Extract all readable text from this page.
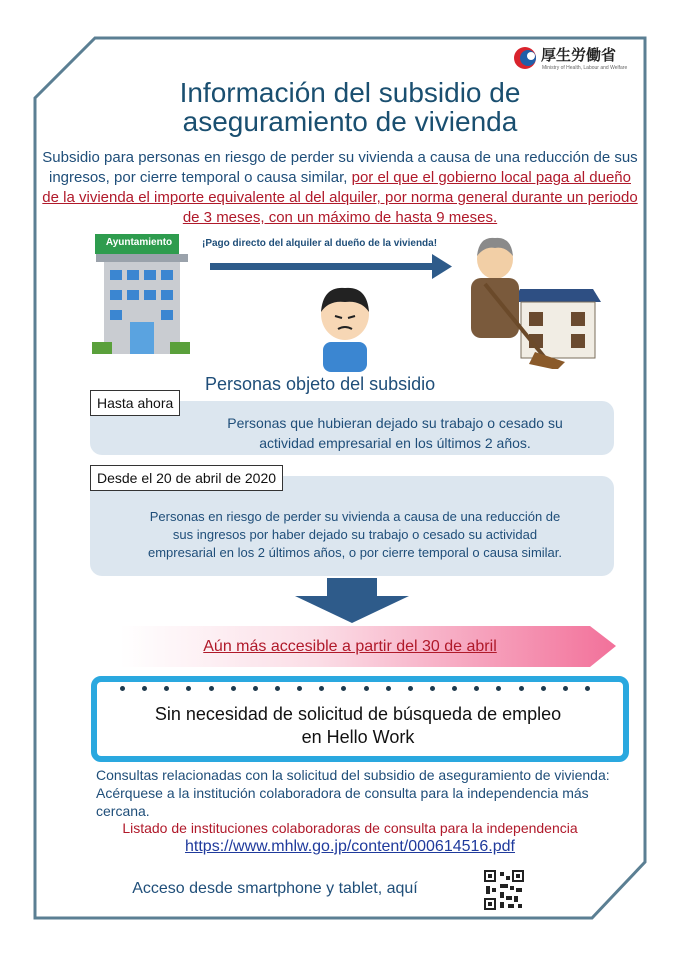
厚生労働省
Ministry of Health, Labour and Welfare
Información del subsidio de
aseguramiento de vivienda
Subsidio para personas en riesgo de perder su vivienda a causa de una reducción de sus ingresos, por cierre temporal o causa similar, por el que el gobierno local paga al dueño de la vivienda el importe equivalente al del alquiler, por norma general durante un periodo de 3 meses, con un máximo de hasta 9 meses.
Ayuntamiento	¡Pago directo del alquiler al dueño de la vivienda!
Personas objeto del subsidio
Hasta ahora
Personas que hubieran dejado su trabajo o cesado su
actividad empresarial en los últimos 2 años.
Desde el 20 de abril de 2020
Personas en riesgo de perder su vivienda a causa de una reducción de
sus ingresos por haber dejado su trabajo o cesado su actividad
empresarial en los 2 últimos años, o por cierre temporal o causa similar.
Aún más accesible a partir del 30 de abril
Sin necesidad de solicitud de búsqueda de empleo
en Hello Work
Consultas relacionadas con la solicitud del subsidio de aseguramiento de vivienda: Acérquese a la institución colaboradora de consulta para la independencia más cercana.
Listado de instituciones colaboradoras de consulta para la independencia
https://www.mhlw.go.jp/content/000614516.pdf
Acceso desde smartphone y tablet, aquí
